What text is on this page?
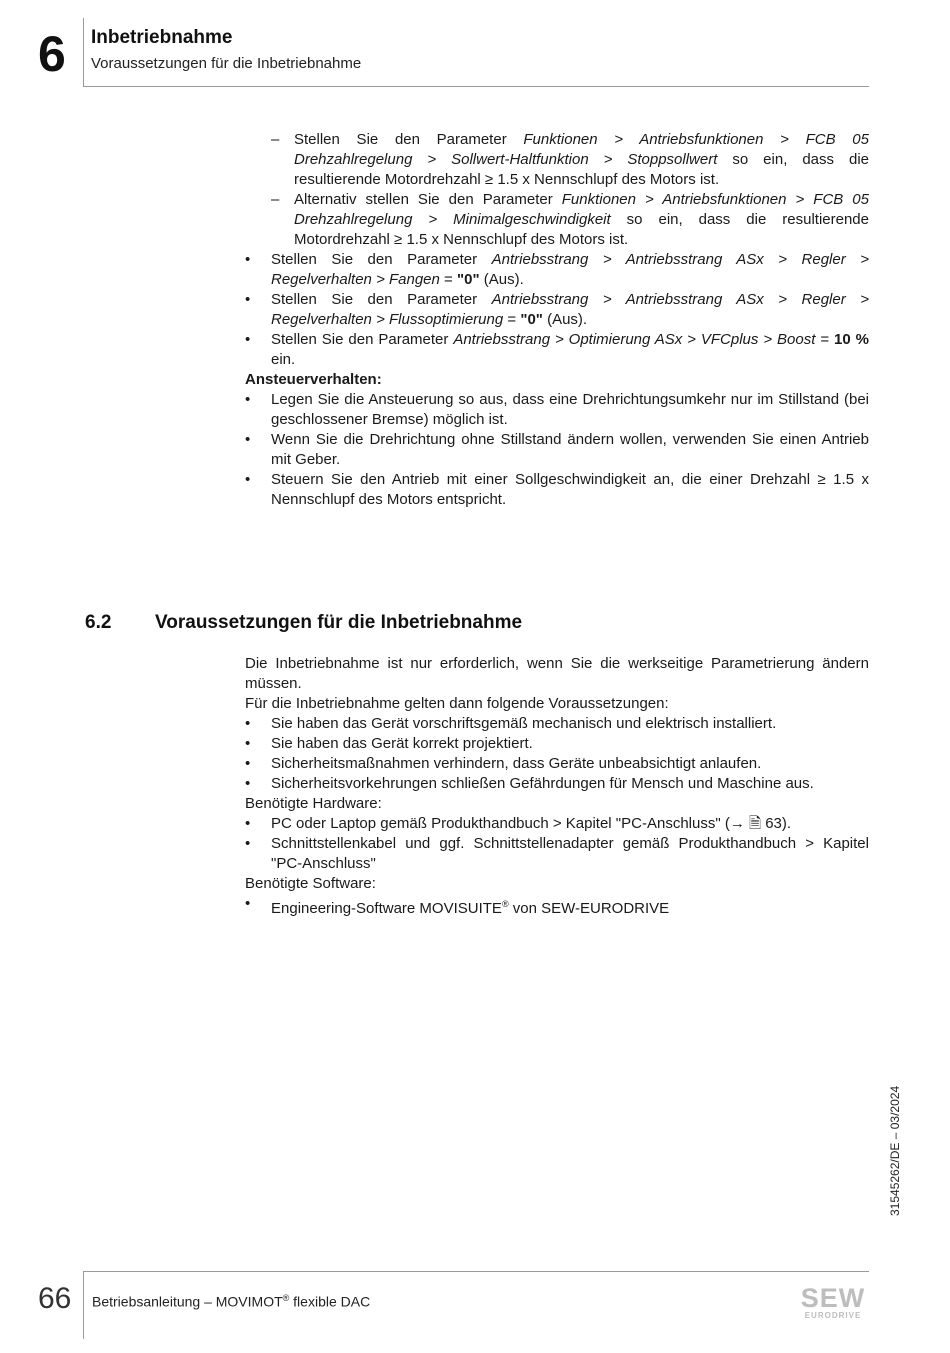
6 Inbetriebnahme
Voraussetzungen für die Inbetriebnahme

– Stellen Sie den Parameter Funktionen > Antriebsfunktionen > FCB 05 Drehzahlregelung > Sollwert-Haltfunktion > Stoppsollwert so ein, dass die resultierende Motordrehzahl ≥ 1.5 x Nennschlupf des Motors ist.

– Alternativ stellen Sie den Parameter Funktionen > Antriebsfunktionen > FCB 05 Drehzahlregelung > Minimalgeschwindigkeit so ein, dass die resultierende Motordrehzahl ≥ 1.5 x Nennschlupf des Motors ist.

• Stellen Sie den Parameter Antriebsstrang > Antriebsstrang ASx > Regler > Regelverhalten > Fangen = "0" (Aus).

• Stellen Sie den Parameter Antriebsstrang > Antriebsstrang ASx > Regler > Regelverhalten > Flussoptimierung = "0" (Aus).

• Stellen Sie den Parameter Antriebsstrang > Optimierung ASx > VFCplus > Boost = 10 % ein.

Ansteuerverhalten:

• Legen Sie die Ansteuerung so aus, dass eine Drehrichtungsumkehr nur im Stillstand (bei geschlossener Bremse) möglich ist.

• Wenn Sie die Drehrichtung ohne Stillstand ändern wollen, verwenden Sie einen Antrieb mit Geber.

• Steuern Sie den Antrieb mit einer Sollgeschwindigkeit an, die einer Drehzahl ≥ 1.5 x Nennschlupf des Motors entspricht.

6.2 Voraussetzungen für die Inbetriebnahme

Die Inbetriebnahme ist nur erforderlich, wenn Sie die werkseitige Parametrierung ändern müssen.

Für die Inbetriebnahme gelten dann folgende Voraussetzungen:

• Sie haben das Gerät vorschriftsgemäß mechanisch und elektrisch installiert.

• Sie haben das Gerät korrekt projektiert.

• Sicherheitsmaßnahmen verhindern, dass Geräte unbeabsichtigt anlaufen.

• Sicherheitsvorkehrungen schließen Gefährdungen für Mensch und Maschine aus.

Benötigte Hardware:

• PC oder Laptop gemäß Produkthandbuch > Kapitel "PC-Anschluss" (→ 🗎 63).

• Schnittstellenkabel und ggf. Schnittstellenadapter gemäß Produkthandbuch > Kapitel "PC-Anschluss"

Benötigte Software:

• Engineering-Software MOVISUITE® von SEW-EURODRIVE

31545262/DE – 03/2024
66 Betriebsanleitung – MOVIMOT® flexible DAC	SEW
EURODRIVE
